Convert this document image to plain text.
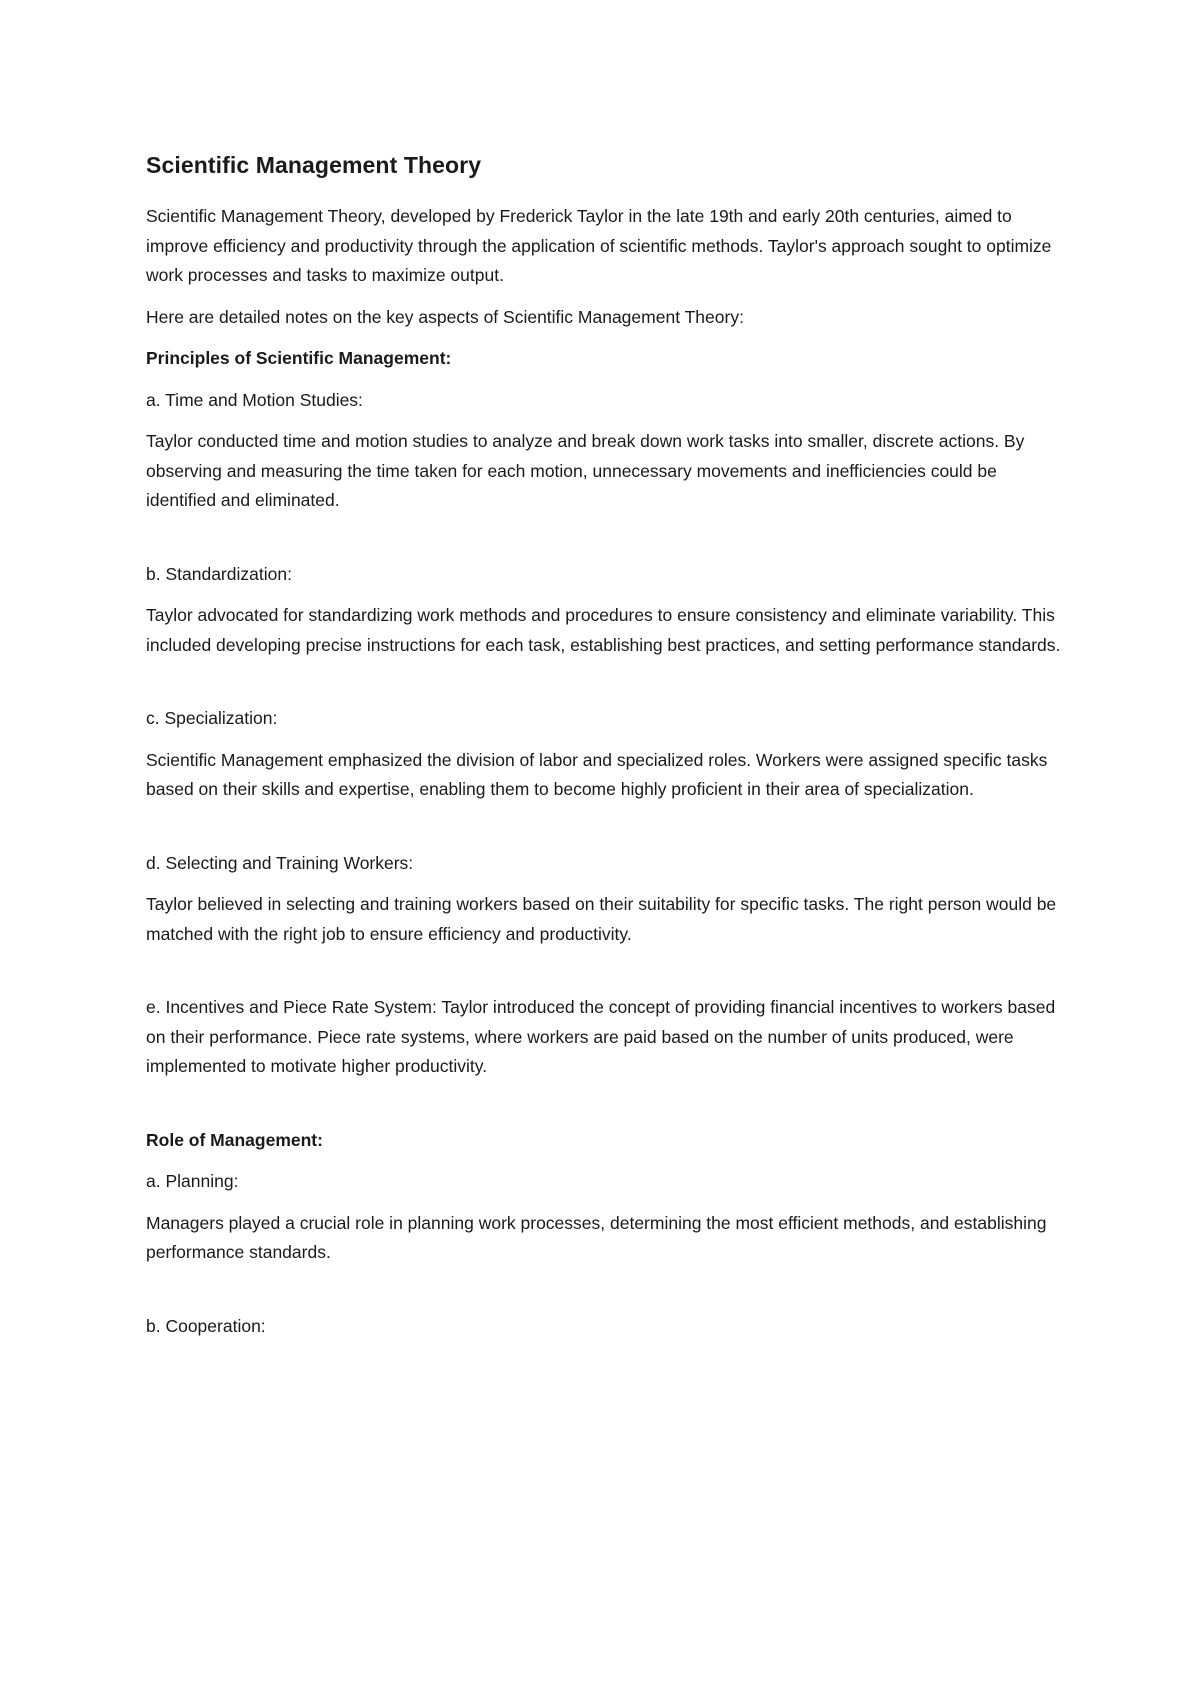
Scientific Management Theory

Scientific Management Theory, developed by Frederick Taylor in the late 19th and early 20th centuries, aimed to improve efficiency and productivity through the application of scientific methods. Taylor's approach sought to optimize work processes and tasks to maximize output.

Here are detailed notes on the key aspects of Scientific Management Theory:

Principles of Scientific Management:

a. Time and Motion Studies:

Taylor conducted time and motion studies to analyze and break down work tasks into smaller, discrete actions. By observing and measuring the time taken for each motion, unnecessary movements and inefficiencies could be identified and eliminated.

b. Standardization:

Taylor advocated for standardizing work methods and procedures to ensure consistency and eliminate variability. This included developing precise instructions for each task, establishing best practices, and setting performance standards.

c. Specialization:

Scientific Management emphasized the division of labor and specialized roles. Workers were assigned specific tasks based on their skills and expertise, enabling them to become highly proficient in their area of specialization.

d. Selecting and Training Workers:

Taylor believed in selecting and training workers based on their suitability for specific tasks. The right person would be matched with the right job to ensure efficiency and productivity.

e. Incentives and Piece Rate System: Taylor introduced the concept of providing financial incentives to workers based on their performance. Piece rate systems, where workers are paid based on the number of units produced, were implemented to motivate higher productivity.

Role of Management:

a. Planning:

Managers played a crucial role in planning work processes, determining the most efficient methods, and establishing performance standards.

b. Cooperation:
